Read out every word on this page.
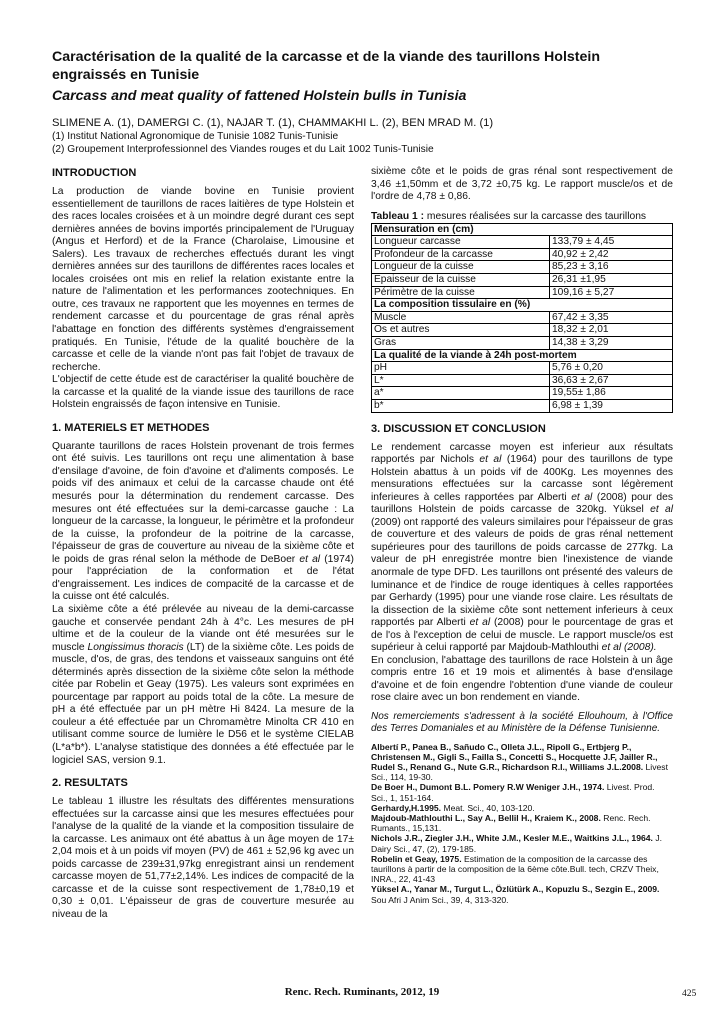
Caractérisation de la qualité de la carcasse et de la viande des taurillons Holstein engraissés en Tunisie
Carcass and meat quality of fattened Holstein bulls in Tunisia
SLIMENE A. (1), DAMERGI C. (1), NAJAR T. (1), CHAMMAKHI L. (2), BEN MRAD M. (1)
(1) Institut National Agronomique de Tunisie 1082 Tunis-Tunisie
(2) Groupement Interprofessionnel des Viandes rouges et du Lait 1002 Tunis-Tunisie
INTRODUCTION

La production de viande bovine en Tunisie provient essentiellement de taurillons de races laitières de type Holstein et des races locales croisées et à un moindre degré durant ces sept dernières années de bovins importés principalement de l'Uruguay (Angus et Herford) et de la France (Charolaise, Limousine et Salers). Les travaux de recherches effectués durant les vingt dernières années sur des taurillons de différentes races locales et locales croisées ont mis en relief la relation existante entre la nature de l'alimentation et les performances zootechniques. En outre, ces travaux ne rapportent que les moyennes en termes de rendement carcasse et du pourcentage de gras rénal après l'abattage en fonction des différents systèmes d'engraissement pratiqués. En Tunisie, l'étude de la qualité bouchère de la carcasse et celle de la viande n'ont pas fait l'objet de travaux de recherche.

L'objectif de cette étude est de caractériser la qualité bouchère de la carcasse et la qualité de la viande issue des taurillons de race Holstein engraissés de façon intensive en Tunisie.

1. MATERIELS ET METHODES

Quarante taurillons de races Holstein provenant de trois fermes ont été suivis. Les taurillons ont reçu une alimentation à base d'ensilage d'avoine, de foin d'avoine et d'aliments composés. Le poids vif des animaux et celui de la carcasse chaude ont été mesurés pour la détermination du rendement carcasse. Des mesures ont été effectuées sur la demi-carcasse gauche : La longueur de la carcasse, la longueur, le périmètre et la profondeur de la cuisse, la profondeur de la poitrine de la carcasse, l'épaisseur de gras de couverture au niveau de la sixième côte et le poids de gras rénal selon la méthode de DeBoer et al (1974) pour l'appréciation de la conformation et de l'état d'engraissement. Les indices de compacité de la carcasse et de la cuisse ont été calculés.

La sixième côte a été prélevée au niveau de la demi-carcasse gauche et conservée pendant 24h à 4°c. Les mesures de pH ultime et de la couleur de la viande ont été mesurées sur le muscle Longissimus thoracis (LT) de la sixième côte. Les poids de muscle, d'os, de gras, des tendons et vaisseaux sanguins ont été déterminés après dissection de la sixième côte selon la méthode citée par Robelin et Geay (1975). Les valeurs sont exprimées en pourcentage par rapport au poids total de la côte. La mesure de pH a été effectuée par un pH mètre Hi 8424. La mesure de la couleur a été effectuée par un Chromamètre Minolta CR 410 en utilisant comme source de lumière le D56 et le système CIELAB (L*a*b*). L'analyse statistique des données a été effectuée par le logiciel SAS, version 9.1.

2. RESULTATS

Le tableau 1 illustre les résultats des différentes mensurations effectuées sur la carcasse ainsi que les mesures effectuées pour l'analyse de la qualité de la viande et la composition tissulaire de la carcasse. Les animaux ont été abattus à un âge moyen de 17± 2,04 mois et à un poids vif moyen (PV) de 461 ± 52,96 kg avec un poids carcasse de 239±31,97kg enregistrant ainsi un rendement carcasse moyen de 51,77±2,14%. Les indices de compacité de la carcasse et de la cuisse sont respectivement de 1,78±0,19 et 0,30 ± 0,01. L'épaisseur de gras de couverture mesurée au niveau de la

sixième côte et le poids de gras rénal sont respectivement de 3,46 ±1,50mm et de 3,72 ±0,75 kg. Le rapport muscle/os et de l'ordre de 4,78 ± 0,86.

Tableau 1 : mesures réalisées sur la carcasse des taurillons
Mensuration en (cm)	
Longueur carcasse	133,79 ± 4,45
Profondeur de la carcasse	40,92 ± 2,42
Longueur de la cuisse	85,23 ± 3,16
Epaisseur de la cuisse	26,31 ±1,95
Périmètre de la cuisse	109,16 ± 5,27
La composition tissulaire en (%)	
Muscle	67,42 ± 3,35
Os et autres	18,32 ± 2,01
Gras	14,38 ± 3,29
La qualité de la viande à 24h post-mortem	
pH	5,76 ± 0,20
L*	36,63 ± 2,67
a*	19,55± 1,86
b*	6,98 ± 1,39
3. DISCUSSION ET CONCLUSION

Le rendement carcasse moyen est inferieur aux résultats rapportés par Nichols et al (1964) pour des taurillons de type Holstein abattus à un poids vif de 400Kg. Les moyennes des mensurations effectuées sur la carcasse sont légèrement inferieures à celles rapportées par Alberti et al (2008) pour des taurillons Holstein de poids carcasse de 320kg. Yüksel et al (2009) ont rapporté des valeurs similaires pour l'épaisseur de gras de couverture et des valeurs de poids de gras rénal nettement supérieures pour des taurillons de poids carcasse de 277kg. La valeur de pH enregistrée montre bien l'inexistence de viande anormale de type DFD. Les taurillons ont présenté des valeurs de luminance et de l'indice de rouge identiques à celles rapportées par Gerhardy (1995) pour une viande rose claire. Les résultats de la dissection de la sixième côte sont nettement inferieurs à ceux rapportés par Alberti et al (2008) pour le pourcentage de gras et de l'os à l'exception de celui de muscle. Le rapport muscle/os est supérieur à celui rapporté par Majdoub-Mathlouthi et al (2008).

En conclusion, l'abattage des taurillons de race Holstein à un âge compris entre 16 et 19 mois et alimentés à base d'ensilage d'avoine et de foin engendre l'obtention d'une viande de couleur rose claire avec un bon rendement en viande.

Nos remerciements s'adressent à la société Ellouhoum, à l'Office des Terres Domaniales et au Ministère de la Défense Tunisienne.

Albertí P., Panea B., Sañudo C., Olleta J.L., Ripoll G., Ertbjerg P., Christensen M., Gigli S., Failla S., Concetti S., Hocquette J.F, Jailler R., Rudel S., Renand G., Nute G.R., Richardson R.I., Williams J.L.2008. Livest Sci., 114, 19-30.

De Boer H., Dumont B.L. Pomery R.W Weniger J.H., 1974. Livest. Prod. Sci., 1, 151-164.

Gerhardy,H.1995. Meat. Sci., 40, 103-120.

Majdoub-Mathlouthi L., Say A., Bellil H., Kraiem K., 2008. Renc. Rech. Rumants., 15,131.

Nichols J.R., Ziegler J.H., White J.M., Kesler M.E., Waitkins J.L., 1964. J. Dairy Sci., 47, (2), 179-185.

Robelin et Geay, 1975. Estimation de la composition de la carcasse des taurillons à partir de la composition de la 6ème côte.Bull. tech, CRZV Theix, INRA., 22, 41-43

Yüksel A., Yanar M., Turgut L., Özlütürk A., Kopuzlu S., Sezgin E., 2009. Sou Afri J Anim Sci., 39, 4, 313-320.

Renc. Rech. Ruminants, 2012, 19	425
